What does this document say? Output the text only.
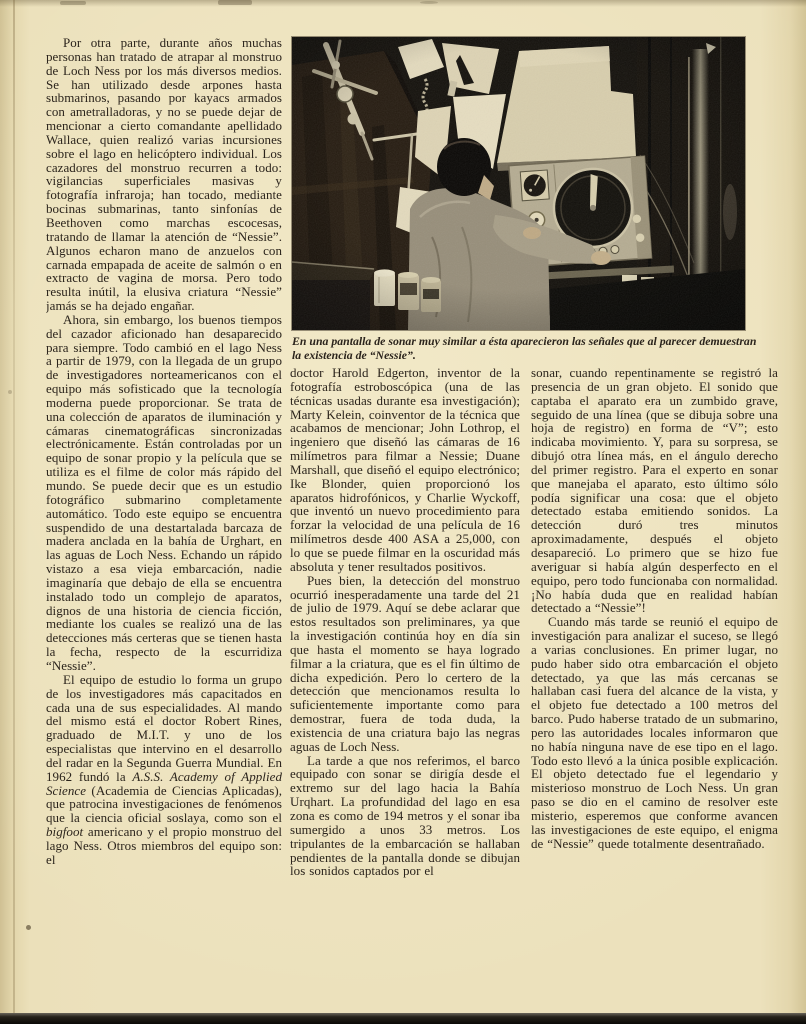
Por otra parte, durante años muchas personas han tratado de atrapar al monstruo de Loch Ness por los más diversos medios. Se han utilizado desde arpones hasta submarinos, pasando por kayacs armados con ametralladoras, y no se puede dejar de mencionar a cierto comandante apellidado Wallace, quien realizó varias incursiones sobre el lago en helicóptero individual. Los cazadores del monstruo recurren a todo: vigilancias superficiales masivas y fotografía infraroja; han tocado, mediante bocinas submarinas, tanto sinfonías de Beethoven como marchas escocesas, tratando de llamar la atención de “Nessie”. Algunos echaron mano de anzuelos con carnada empapada de aceite de salmón o en extracto de vagina de morsa. Pero todo resulta inútil, la elusiva criatura “Nessie” jamás se ha dejado engañar.

Ahora, sin embargo, los buenos tiempos del cazador aficionado han desaparecido para siempre. Todo cambió en el lago Ness a partir de 1979, con la llegada de un grupo de investigadores norteamericanos con el equipo más sofisticado que la tecnología moderna puede proporcionar. Se trata de una colección de aparatos de iluminación y cámaras cinematográficas sincronizadas electrónicamente. Están controladas por un equipo de sonar propio y la película que se utiliza es el filme de color más rápido del mundo. Se puede decir que es un estudio fotográfico submarino completamente automático. Todo este equipo se encuentra suspendido de una destartalada barcaza de madera anclada en la bahía de Urghart, en las aguas de Loch Ness. Echando un rápido vistazo a esa vieja embarcación, nadie imaginaría que debajo de ella se encuentra instalado todo un complejo de aparatos, dignos de una historia de ciencia ficción, mediante los cuales se realizó una de las detecciones más certeras que se tienen hasta la fecha, respecto de la escurridiza “Nessie”.

El equipo de estudio lo forma un grupo de los investigadores más capacitados en cada una de sus especialidades. Al mando del mismo está el doctor Robert Rines, graduado de M.I.T. y uno de los especialistas que intervino en el desarrollo del radar en la Segunda Guerra Mundial. En 1962 fundó la A.S.S. Academy of Applied Science (Academia de Ciencias Aplicadas), que patrocina investigaciones de fenómenos que la ciencia oficial soslaya, como son el bigfoot americano y el propio monstruo del lago Ness. Otros miembros del equipo son: el

En una pantalla de sonar muy similar a ésta aparecieron las señales que al parecer demuestran la existencia de “Nessie”.

doctor Harold Edgerton, inventor de la fotografía estroboscópica (una de las técnicas usadas durante esa investigación); Marty Kelein, coinventor de la técnica que acabamos de mencionar; John Lothrop, el ingeniero que diseñó las cámaras de 16 milímetros para filmar a Nessie; Duane Marshall, que diseñó el equipo electrónico; Ike Blonder, quien proporcionó los aparatos hidrofónicos, y Charlie Wyckoff, que inventó un nuevo procedimiento para forzar la velocidad de una película de 16 milímetros desde 400 ASA a 25,000, con lo que se puede filmar en la oscuridad más absoluta y tener resultados positivos.

Pues bien, la detección del monstruo ocurrió inesperadamente una tarde del 21 de julio de 1979. Aquí se debe aclarar que estos resultados son preliminares, ya que la investigación continúa hoy en día sin que hasta el momento se haya logrado filmar a la criatura, que es el fin último de dicha expedición. Pero lo certero de la detección que mencionamos resulta lo suficientemente importante como para demostrar, fuera de toda duda, la existencia de una criatura bajo las negras aguas de Loch Ness.

La tarde a que nos referimos, el barco equipado con sonar se dirigía desde el extremo sur del lago hacia la Bahía Urqhart. La profundidad del lago en esa zona es como de 194 metros y el sonar iba sumergido a unos 33 metros. Los tripulantes de la embarcación se hallaban pendientes de la pantalla donde se dibujan los sonidos captados por el

sonar, cuando repentinamente se registró la presencia de un gran objeto. El sonido que captaba el aparato era un zumbido grave, seguido de una línea (que se dibuja sobre una hoja de registro) en forma de “V”; esto indicaba movimiento. Y, para su sorpresa, se dibujó otra línea más, en el ángulo derecho del primer registro. Para el experto en sonar que manejaba el aparato, esto último sólo podía significar una cosa: que el objeto detectado estaba emitiendo sonidos. La detección duró tres minutos aproximadamente, después el objeto desapareció. Lo primero que se hizo fue averiguar si había algún desperfecto en el equipo, pero todo funcionaba con normalidad. ¡No había duda que en realidad habían detectado a “Nessie”!

Cuando más tarde se reunió el equipo de investigación para analizar el suceso, se llegó a varias conclusiones. En primer lugar, no pudo haber sido otra embarcación el objeto detectado, ya que las más cercanas se hallaban casi fuera del alcance de la vista, y el objeto fue detectado a 100 metros del barco. Pudo haberse tratado de un submarino, pero las autoridades locales informaron que no había ninguna nave de ese tipo en el lago. Todo esto llevó a la única posible explicación. El objeto detectado fue el legendario y misterioso monstruo de Loch Ness. Un gran paso se dio en el camino de resolver este misterio, esperemos que conforme avancen las investigaciones de este equipo, el enigma de “Nessie” quede totalmente desentrañado.
